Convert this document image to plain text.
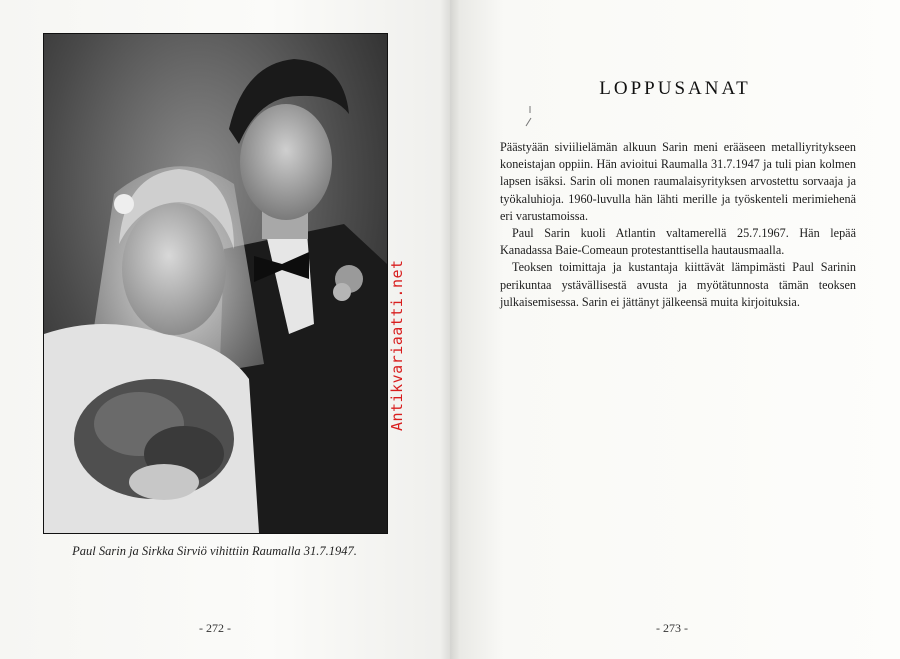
Paul Sarin ja Sirkka Sirviö vihittiin Raumalla 31.7.1947.
- 272 -
Antikvariaatti.net
LOPPUSANAT

Päästyään siviilielämän alkuun Sarin meni erääseen metalliyritykseen koneistajan oppiin. Hän avioitui Raumalla 31.7.1947 ja tuli pian kolmen lapsen isäksi. Sarin oli monen raumalaisyrityksen arvostettu sorvaaja ja työkaluhioja. 1960-luvulla hän lähti merille ja työskenteli merimiehenä eri varustamoissa.

Paul Sarin kuoli Atlantin valtamerellä 25.7.1967. Hän lepää Kanadassa Baie-Comeaun protestanttisella hautausmaalla.

Teoksen toimittaja ja kustantaja kiittävät lämpimästi Paul Sarinin perikuntaa ystävällisestä avusta ja myötätunnosta tämän teoksen julkaisemisessa. Sarin ei jättänyt jälkeensä muita kirjoituksia.

- 273 -
